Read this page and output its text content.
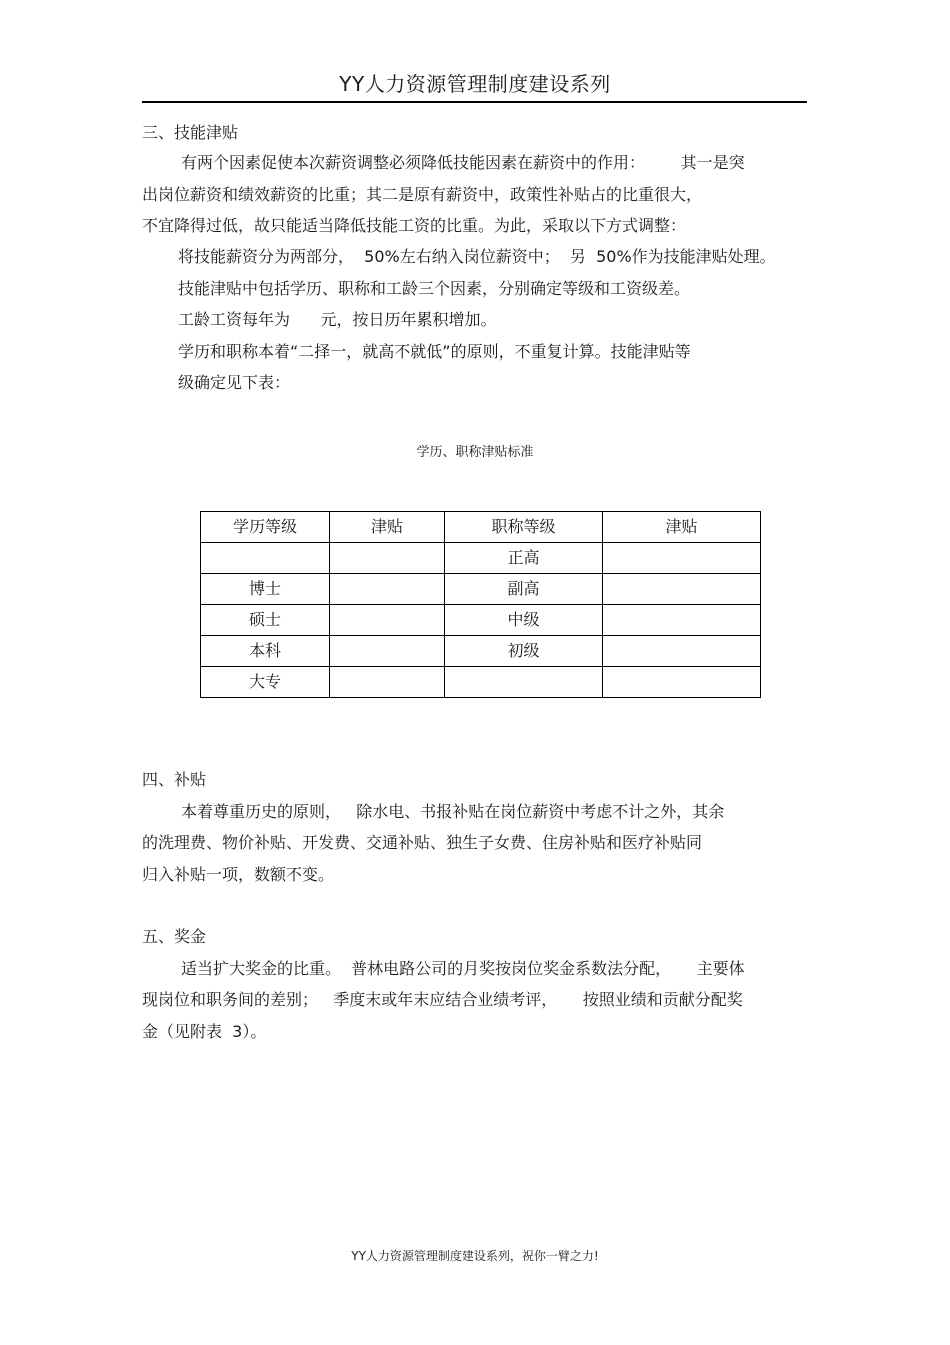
YY人力资源管理制度建设系列
三、技能津贴
有两个因素促使本次薪资调整必须降低技能因素在薪资中的作用：       其一是突
出岗位薪资和绩效薪资的比重；其二是原有薪资中，政策性补贴占的比重很大，
不宜降得过低，故只能适当降低技能工资的比重。为此，采取以下方式调整：
将技能薪资分为两部分，  50%左右纳入岗位薪资中；  另  50%作为技能津贴处理。
技能津贴中包括学历、职称和工龄三个因素，分别确定等级和工资级差。
工龄工资每年为      元，按日历年累积增加。
学历和职称本着“二择一，就高不就低”的原则，不重复计算。技能津贴等
级确定见下表：
四、补贴
本着尊重历史的原则，   除水电、书报补贴在岗位薪资中考虑不计之外，其余
的洗理费、物价补贴、开发费、交通补贴、独生子女费、住房补贴和医疗补贴同
归入补贴一项，数额不变。
五、奖金
适当扩大奖金的比重。  普林电路公司的月奖按岗位奖金系数法分配，     主要体
现岗位和职务间的差别；   季度末或年末应结合业绩考评，     按照业绩和贡献分配奖
金（见附表  3）。
学历、职称津贴标准
学历等级	津贴	职称等级	津贴
		正高	
博士		副高	
硕士		中级	
本科		初级	
大专			
YY人力资源管理制度建设系列，祝你一臂之力!
